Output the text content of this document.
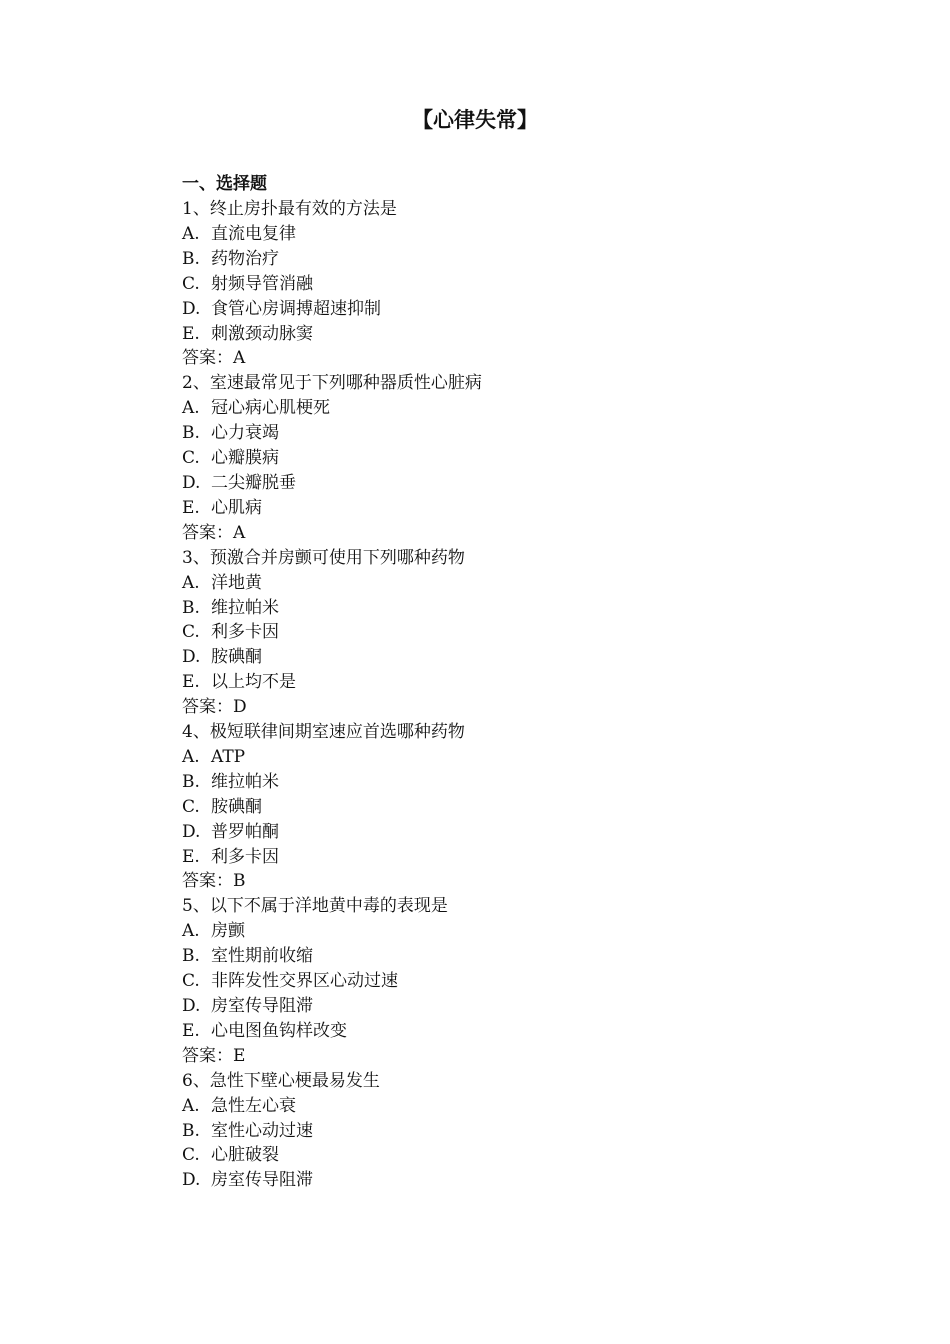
【心律失常】
一、选择题
1、终止房扑最有效的方法是
A. 直流电复律
B. 药物治疗
C. 射频导管消融
D. 食管心房调搏超速抑制
E. 刺激颈动脉窦
答案：A
2、室速最常见于下列哪种器质性心脏病
A. 冠心病心肌梗死
B. 心力衰竭
C. 心瓣膜病
D. 二尖瓣脱垂
E. 心肌病
答案：A
3、预激合并房颤可使用下列哪种药物
A. 洋地黄
B. 维拉帕米
C. 利多卡因
D. 胺碘酮
E. 以上均不是
答案：D
4、极短联律间期室速应首选哪种药物
A. ATP
B. 维拉帕米
C. 胺碘酮
D. 普罗帕酮
E. 利多卡因
答案：B
5、以下不属于洋地黄中毒的表现是
A. 房颤
B. 室性期前收缩
C. 非阵发性交界区心动过速
D. 房室传导阻滞
E. 心电图鱼钩样改变
答案：E
6、急性下壁心梗最易发生
A. 急性左心衰
B. 室性心动过速
C. 心脏破裂
D. 房室传导阻滞
